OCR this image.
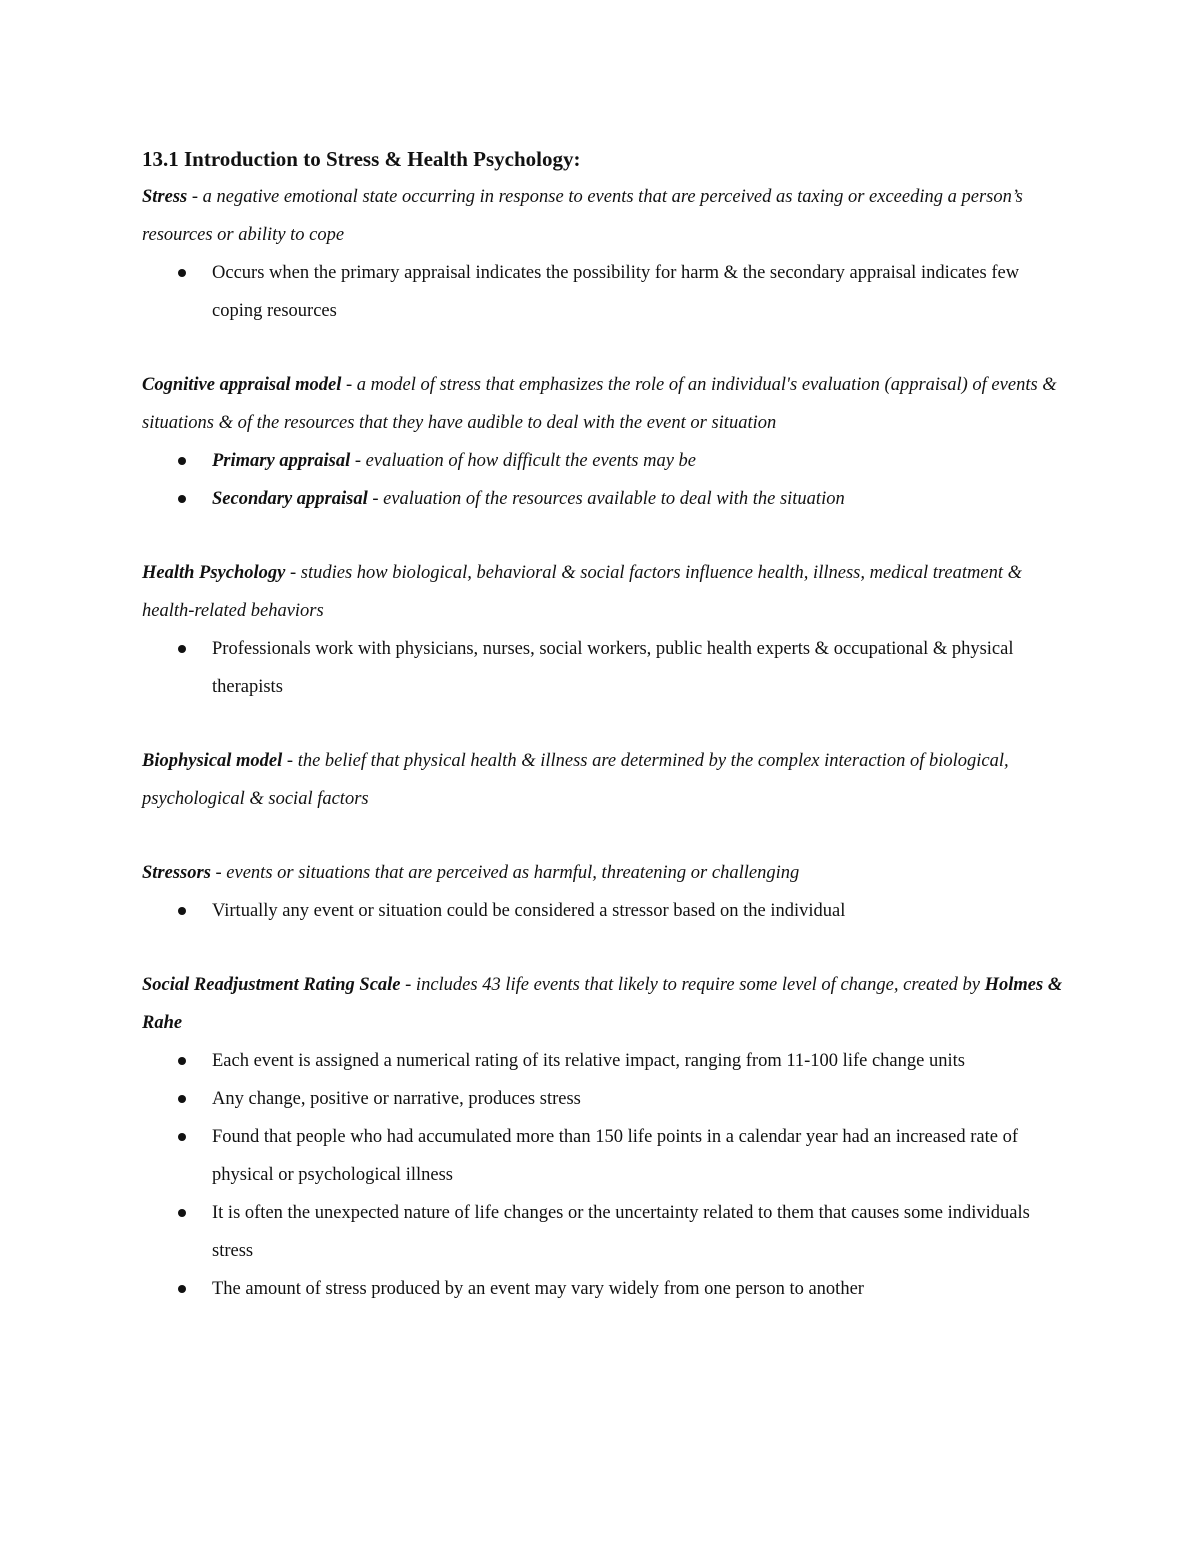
13.1 Introduction to Stress & Health Psychology:

Stress - a negative emotional state occurring in response to events that are perceived as taxing or exceeding a person’s resources or ability to cope

Occurs when the primary appraisal indicates the possibility for harm & the secondary appraisal indicates few coping resources

Cognitive appraisal model - a model of stress that emphasizes the role of an individual's evaluation (appraisal) of events & situations & of the resources that they have audible to deal with the event or situation

Primary appraisal - evaluation of how difficult the events may be
Secondary appraisal - evaluation of the resources available to deal with the situation

Health Psychology - studies how biological, behavioral & social factors influence health, illness, medical treatment & health-related behaviors

Professionals work with physicians, nurses, social workers, public health experts & occupational & physical therapists

Biophysical model - the belief that physical health & illness are determined by the complex interaction of biological, psychological & social factors

Stressors - events or situations that are perceived as harmful, threatening or challenging

Virtually any event or situation could be considered a stressor based on the individual

Social Readjustment Rating Scale - includes 43 life events that likely to require some level of change, created by Holmes & Rahe

Each event is assigned a numerical rating of its relative impact, ranging from 11-100 life change units
Any change, positive or narrative, produces stress
Found that people who had accumulated more than 150 life points in a calendar year had an increased rate of physical or psychological illness
It is often the unexpected nature of life changes or the uncertainty related to them that causes some individuals stress
The amount of stress produced by an event may vary widely from one person to another
